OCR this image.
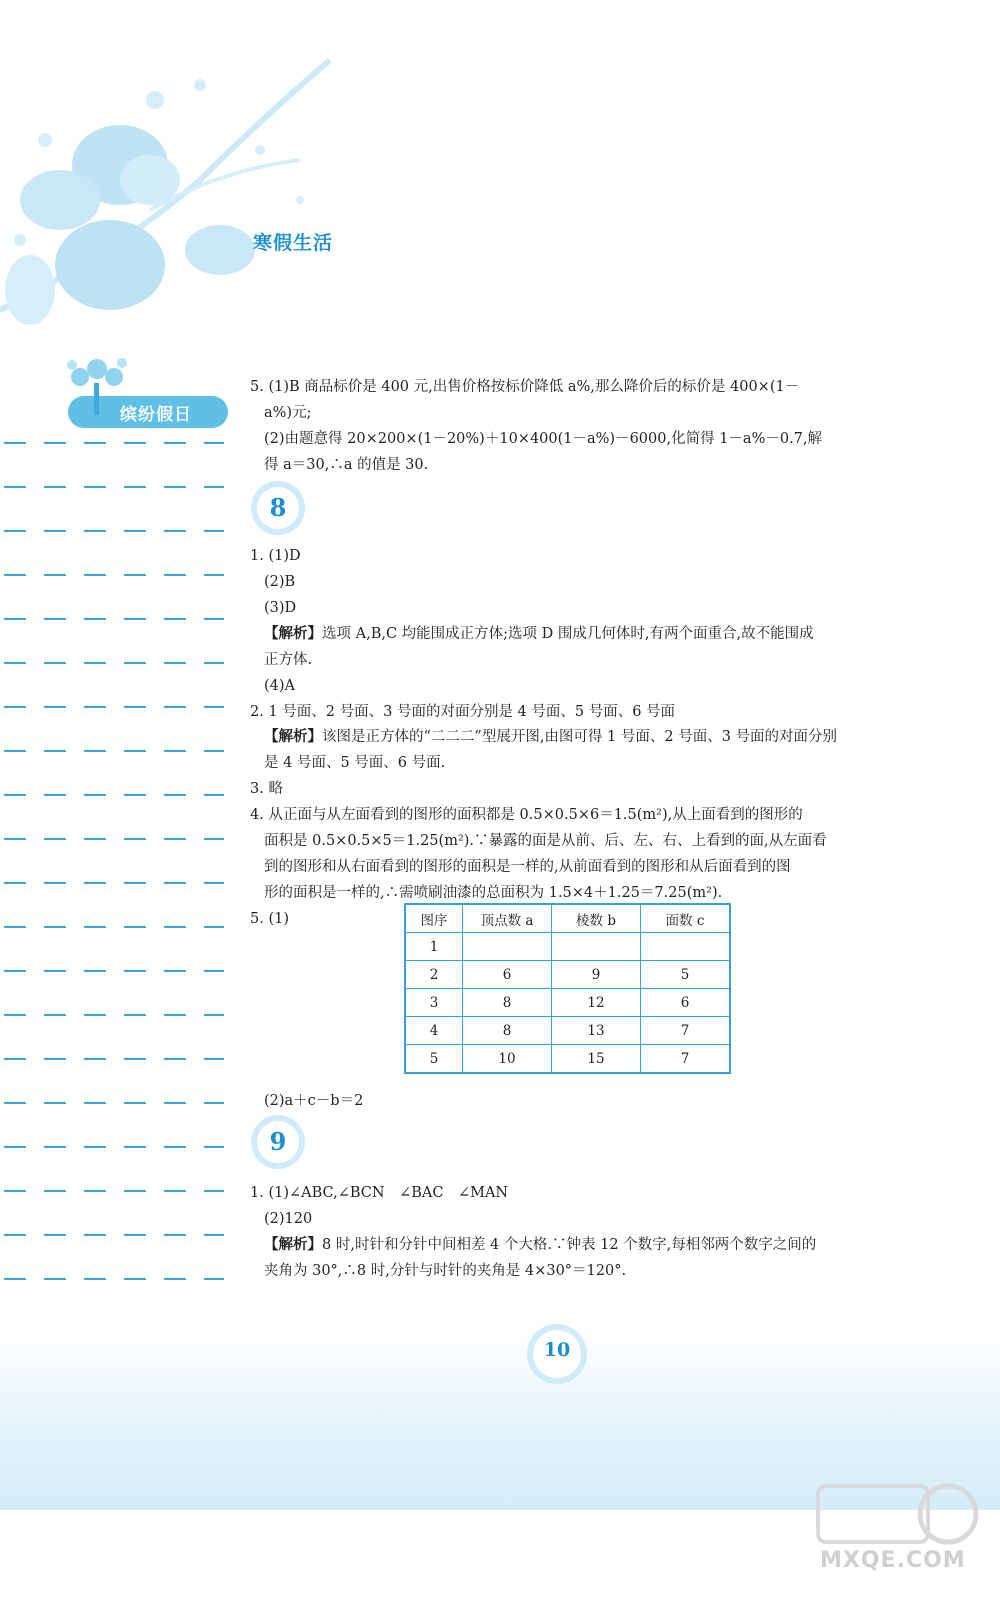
寒假生活
缤纷假日
5. (1)B 商品标价是 400 元,出售价格按标价降低 a%,那么降价后的标价是 400×(1－
a%)元;
(2)由题意得 20×200×(1－20%)＋10×400(1－a%)－6000,化简得 1－a%－0.7,解
得 a＝30,∴a 的值是 30.
1. (1)D
(2)B
(3)D
【解析】选项 A,B,C 均能围成正方体;选项 D 围成几何体时,有两个面重合,故不能围成
正方体.
(4)A
2. 1 号面、2 号面、3 号面的对面分别是 4 号面、5 号面、6 号面
【解析】该图是正方体的“二二二”型展开图,由图可得 1 号面、2 号面、3 号面的对面分别
是 4 号面、5 号面、6 号面.
3. 略
4. 从正面与从左面看到的图形的面积都是 0.5×0.5×6＝1.5(m²),从上面看到的图形的
面积是 0.5×0.5×5＝1.25(m²).∵暴露的面是从前、后、左、右、上看到的面,从左面看
到的图形和从右面看到的图形的面积是一样的,从前面看到的图形和从后面看到的图
形的面积是一样的,∴需喷刷油漆的总面积为 1.5×4＋1.25＝7.25(m²).
5. (1)
(2)a＋c－b＝2
1. (1)∠ABC,∠BCN　∠BAC　∠MAN
(2)120
【解析】8 时,时针和分针中间相差 4 个大格.∵钟表 12 个数字,每相邻两个数字之间的
夹角为 30°,∴8 时,分针与时针的夹角是 4×30°＝120°.
8
9
图序	顶点数 a	棱数 b	面数 c
1			
2	6	9	5
3	8	12	6
4	8	13	7
5	10	15	7
10
MXQE.COM
